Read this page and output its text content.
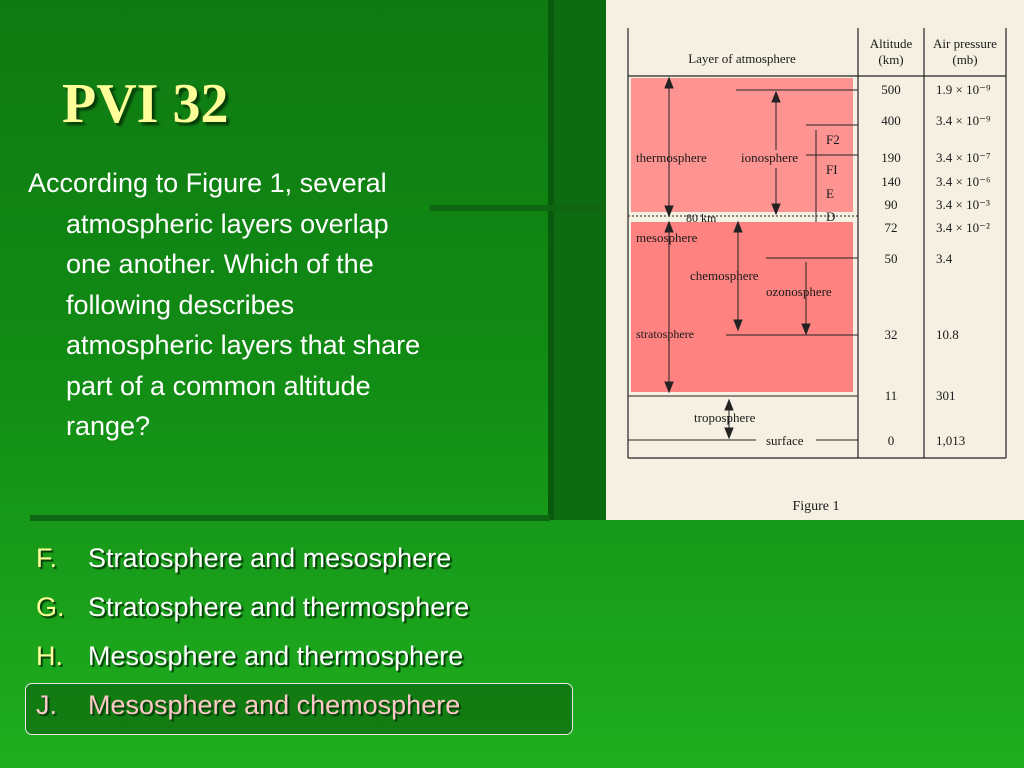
PVI 32

According to Figure 1, several atmospheric layers overlap one another. Which of the following describes atmospheric layers that share part of a common altitude range?

F. Stratosphere and mesosphere
G. Stratosphere and thermosphere
H. Mesosphere and thermosphere
J. Mesosphere and chemosphere
Layer of atmosphere
Altitude
(km)
Air pressure
(mb)
500
400
190
140
90
72
50
32
11
0
1.9 × 10⁻⁹
3.4 × 10⁻⁹
3.4 × 10⁻⁷
3.4 × 10⁻⁶
3.4 × 10⁻³
3.4 × 10⁻²
3.4
10.8
301
1,013
thermosphere	ionosphere
80 km
mesosphere
chemosphere
ozonosphere
stratosphere
troposphere
surface
F2
FI
E
D
Figure 1
